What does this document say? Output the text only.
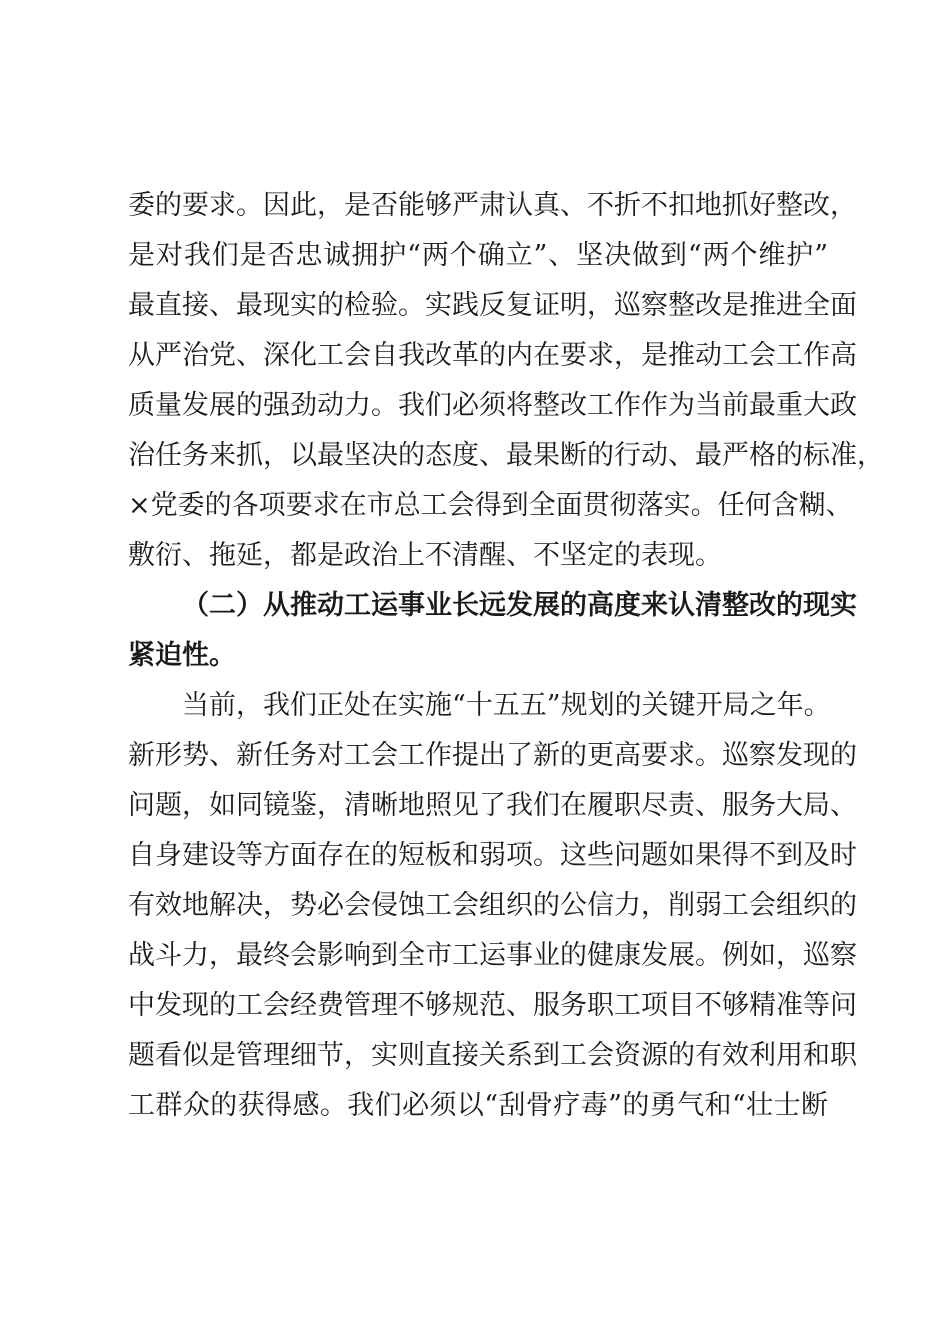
委的要求。因此，是否能够严肃认真、不折不扣地抓好整改，
是对我们是否忠诚拥护“两个确立”、坚决做到“两个维护”
最直接、最现实的检验。实践反复证明，巡察整改是推进全面
从严治党、深化工会自我改革的内在要求，是推动工会工作高
质量发展的强劲动力。我们必须将整改工作作为当前最重大政
治任务来抓，以最坚决的态度、最果断的行动、最严格的标准，
×党委的各项要求在市总工会得到全面贯彻落实。任何含糊、
敷衍、拖延，都是政治上不清醒、不坚定的表现。
（二）从推动工运事业长远发展的高度来认清整改的现实
紧迫性。
当前，我们正处在实施“十五五”规划的关键开局之年。
新形势、新任务对工会工作提出了新的更高要求。巡察发现的
问题，如同镜鉴，清晰地照见了我们在履职尽责、服务大局、
自身建设等方面存在的短板和弱项。这些问题如果得不到及时
有效地解决，势必会侵蚀工会组织的公信力，削弱工会组织的
战斗力，最终会影响到全市工运事业的健康发展。例如，巡察
中发现的工会经费管理不够规范、服务职工项目不够精准等问
题看似是管理细节，实则直接关系到工会资源的有效利用和职
工群众的获得感。我们必须以“刮骨疗毒”的勇气和“壮士断
